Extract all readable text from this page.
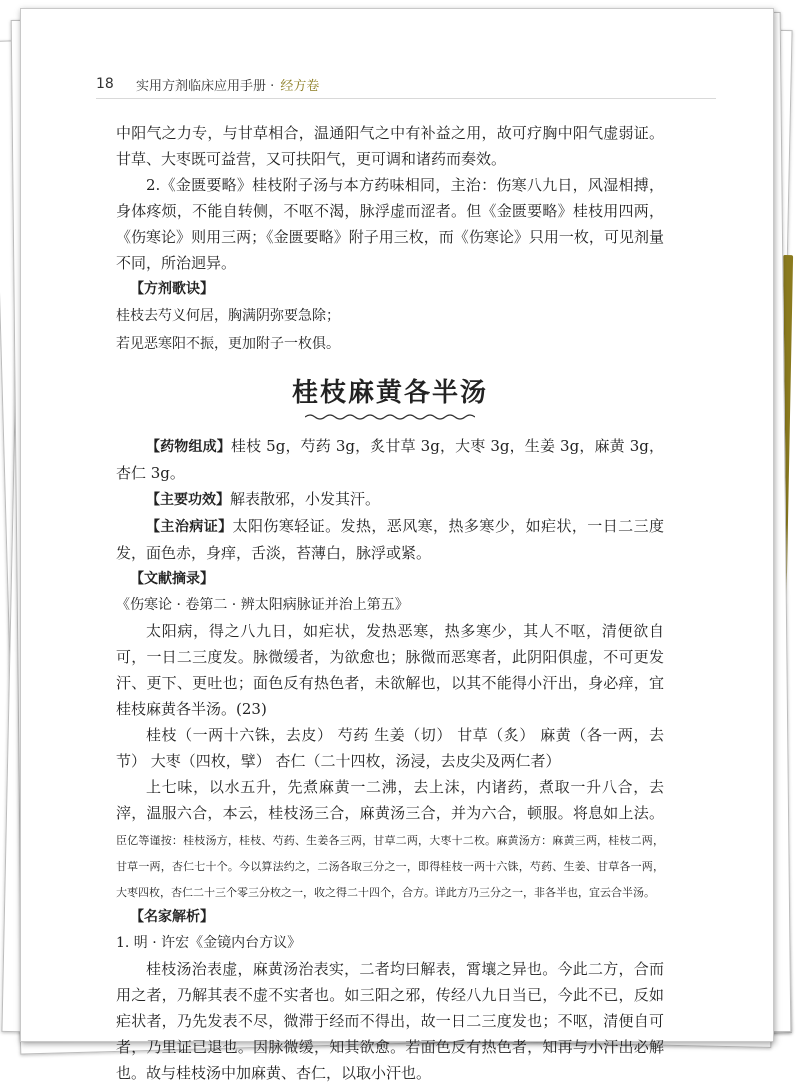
18	实用方剂临床应用手册 · 经方卷

中阳气之力专，与甘草相合，温通阳气之中有补益之用，故可疗胸中阳气虚弱证。甘草、大枣既可益营，又可扶阳气，更可调和诸药而奏效。

2.《金匮要略》桂枝附子汤与本方药味相同，主治：伤寒八九日，风湿相搏，身体疼烦，不能自转侧，不呕不渴，脉浮虚而涩者。但《金匮要略》桂枝用四两，《伤寒论》则用三两；《金匮要略》附子用三枚，而《伤寒论》只用一枚，可见剂量不同，所治迥异。

【方剂歌诀】

桂枝去芍义何居，胸满阴弥要急除；

若见恶寒阳不振，更加附子一枚俱。

桂枝麻黄各半汤

【药物组成】桂枝 5g，芍药 3g，炙甘草 3g，大枣 3g，生姜 3g，麻黄 3g，杏仁 3g。

【主要功效】解表散邪，小发其汗。

【主治病证】太阳伤寒轻证。发热，恶风寒，热多寒少，如疟状，一日二三度发，面色赤，身痒，舌淡，苔薄白，脉浮或紧。

【文献摘录】

《伤寒论 · 卷第二 · 辨太阳病脉证并治上第五》

太阳病，得之八九日，如疟状，发热恶寒，热多寒少，其人不呕，清便欲自可，一日二三度发。脉微缓者，为欲愈也；脉微而恶寒者，此阴阳俱虚，不可更发汗、更下、更吐也；面色反有热色者，未欲解也，以其不能得小汗出，身必痒，宜桂枝麻黄各半汤。(23)

桂枝（一两十六铢，去皮） 芍药 生姜（切） 甘草（炙） 麻黄（各一两，去节） 大枣（四枚，擘） 杏仁（二十四枚，汤浸，去皮尖及两仁者）

上七味，以水五升，先煮麻黄一二沸，去上沫，内诸药，煮取一升八合，去滓，温服六合，本云，桂枝汤三合，麻黄汤三合，并为六合，顿服。将息如上法。臣亿等谨按：桂枝汤方，桂枝、芍药、生姜各三两，甘草二两，大枣十二枚。麻黄汤方：麻黄三两，桂枝二两，甘草一两，杏仁七十个。今以算法约之，二汤各取三分之一，即得桂枝一两十六铢，芍药、生姜、甘草各一两，大枣四枚，杏仁二十三个零三分枚之一，收之得二十四个，合方。详此方乃三分之一，非各半也，宜云合半汤。

【名家解析】

1. 明 · 许宏《金镜内台方议》

桂枝汤治表虚，麻黄汤治表实，二者均曰解表，霄壤之异也。今此二方，合而用之者，乃解其表不虚不实者也。如三阳之邪，传经八九日当已，今此不已，反如疟状者，乃先发表不尽，微滞于经而不得出，故一日二三度发也；不呕，清便自可者，乃里证已退也。因脉微缓，知其欲愈。若面色反有热色者，知再与小汗出必解也。故与桂枝汤中加麻黄、杏仁，以取小汗也。
